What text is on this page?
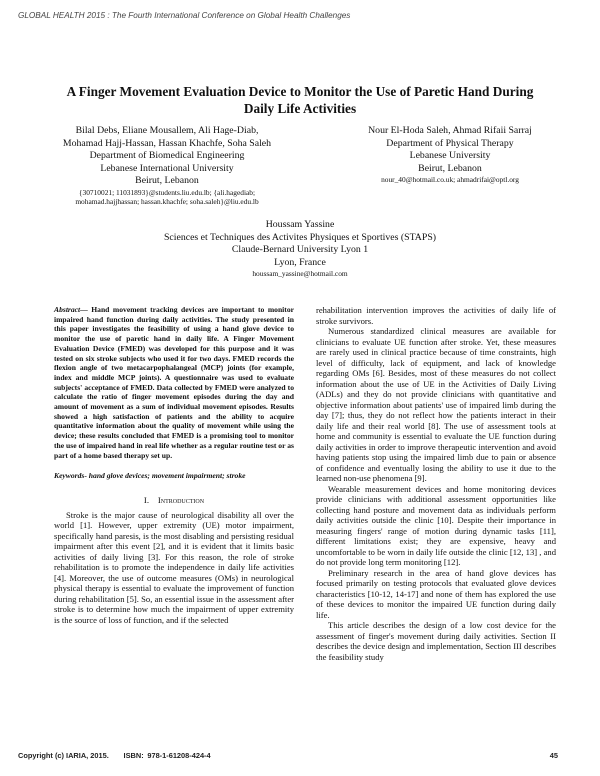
GLOBAL HEALTH 2015 : The Fourth International Conference on Global Health Challenges
A Finger Movement Evaluation Device to Monitor the Use of Paretic Hand During
Daily Life Activities
Bilal Debs, Eliane Mousallem, Ali Hage-Diab,
Mohamad Hajj-Hassan, Hassan Khachfe, Soha Saleh
Department of Biomedical Engineering
Lebanese International University
Beirut, Lebanon
{30710021; 11031893}@students.liu.edu.lb; {ali.hagediab;
mohamad.hajjhassan; hassan.khachfe; soha.saleh}@liu.edu.lb
Nour El-Hoda Saleh, Ahmad Rifaii Sarraj
Department of Physical Therapy
Lebanese University
Beirut, Lebanon
nour_40@hotmail.co.uk; ahmadrifai@optl.org
Houssam Yassine
Sciences et Techniques des Activites Physiques et Sportives (STAPS)
Claude-Bernard University Lyon 1
Lyon, France
houssam_yassine@hotmail.com

Abstract— Hand movement tracking devices are important to monitor impaired hand function during daily activities. The study presented in this paper investigates the feasibility of using a hand glove device to monitor the use of paretic hand in daily life. A Finger Movement Evaluation Device (FMED) was developed for this purpose and it was tested on six stroke subjects who used it for two days. FMED records the flexion angle of two metacarpophalangeal (MCP) joints (for example, index and middle MCP joints). A questionnaire was used to evaluate subjects' acceptance of FMED. Data collected by FMED were analyzed to calculate the ratio of finger movement episodes during the day and amount of movement as a sum of individual movement episodes. Results showed a high satisfaction of patients and the ability to acquire quantitative information about the quality of movement while using the device; these results concluded that FMED is a promising tool to monitor the use of impaired hand in real life whether as a regular routine test or as part of a home based therapy set up.

Keywords- hand glove devices; movement impairment; stroke

I. Introduction

Stroke is the major cause of neurological disability all over the world [1]. However, upper extremity (UE) motor impairment, specifically hand paresis, is the most disabling and persisting residual impairment after this event [2], and it is evident that it limits basic activities of daily living [3]. For this reason, the role of stroke rehabilitation is to promote the independence in daily life activities [4]. Moreover, the use of outcome measures (OMs) in neurological physical therapy is essential to evaluate the improvement of function during rehabilitation [5]. So, an essential issue in the assessment after stroke is to determine how much the impairment of upper extremity is the source of loss of function, and if the selected

rehabilitation intervention improves the activities of daily life of stroke survivors.

Numerous standardized clinical measures are available for clinicians to evaluate UE function after stroke. Yet, these measures are rarely used in clinical practice because of time constraints, high level of difficulty, lack of equipment, and lack of knowledge regarding OMs [6]. Besides, most of these measures do not collect information about the use of UE in the Activities of Daily Living (ADLs) and they do not provide clinicians with quantitative and objective information about patients' use of impaired limb during the day [7]; thus, they do not reflect how the patients interact in their daily life and their real world [8]. The use of assessment tools at home and community is essential to evaluate the UE function during daily activities in order to improve therapeutic intervention and avoid having patients stop using the impaired limb due to pain or absence of confidence and eventually losing the ability to use it due to the learned non-use phenomena [9].

Wearable measurement devices and home monitoring devices provide clinicians with additional assessment opportunities like collecting hand posture and movement data as individuals perform daily activities outside the clinic [10]. Despite their importance in measuring fingers' range of motion during dynamic tasks [11], different limitations exist; they are expensive, heavy and uncomfortable to be worn in daily life outside the clinic [12, 13] , and do not provide long term monitoring [12].

Preliminary research in the area of hand glove devices has focused primarily on testing protocols that evaluated glove devices characteristics [10-12, 14-17] and none of them has explored the use of these devices to monitor the impaired UE function during daily life.

This article describes the design of a low cost device for the assessment of finger's movement during daily activities. Section II describes the device design and implementation, Section III describes the feasibility study

Copyright (c) IARIA, 2015.  ISBN: 978-1-61208-424-4	45
